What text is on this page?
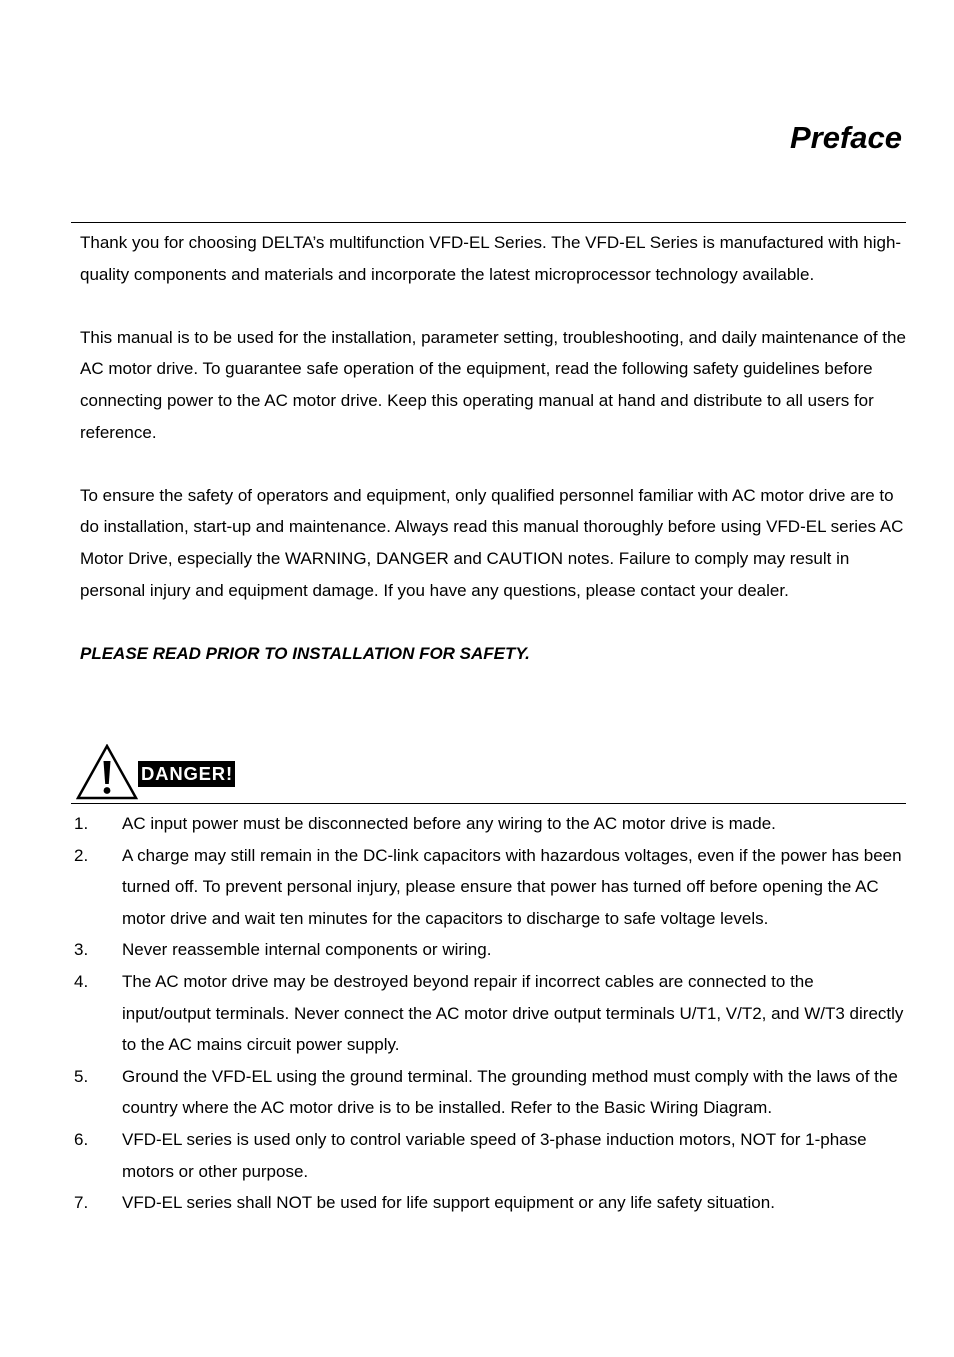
Preface

Thank you for choosing DELTA’s multifunction VFD-EL Series. The VFD-EL Series is manufactured with high-quality components and materials and incorporate the latest microprocessor technology available.

This manual is to be used for the installation, parameter setting, troubleshooting, and daily maintenance of the AC motor drive. To guarantee safe operation of the equipment, read the following safety guidelines before connecting power to the AC motor drive. Keep this operating manual at hand and distribute to all users for reference.

To ensure the safety of operators and equipment, only qualified personnel familiar with AC motor drive are to do installation, start-up and maintenance. Always read this manual thoroughly before using VFD-EL series AC Motor Drive, especially the WARNING, DANGER and CAUTION notes. Failure to comply may result in personal injury and equipment damage. If you have any questions, please contact your dealer.

PLEASE READ PRIOR TO INSTALLATION FOR SAFETY.

DANGER!
1.	AC input power must be disconnected before any wiring to the AC motor drive is made.
2.	A charge may still remain in the DC-link capacitors with hazardous voltages, even if the power has been turned off. To prevent personal injury, please ensure that power has turned off before opening the AC motor drive and wait ten minutes for the capacitors to discharge to safe voltage levels.
3.	Never reassemble internal components or wiring.
4.	The AC motor drive may be destroyed beyond repair if incorrect cables are connected to the input/output terminals. Never connect the AC motor drive output terminals U/T1, V/T2, and W/T3 directly to the AC mains circuit power supply.
5.	Ground the VFD-EL using the ground terminal. The grounding method must comply with the laws of the country where the AC motor drive is to be installed. Refer to the Basic Wiring Diagram.
6.	VFD-EL series is used only to control variable speed of 3-phase induction motors, NOT for 1-phase motors or other purpose.
7.	VFD-EL series shall NOT be used for life support equipment or any life safety situation.
